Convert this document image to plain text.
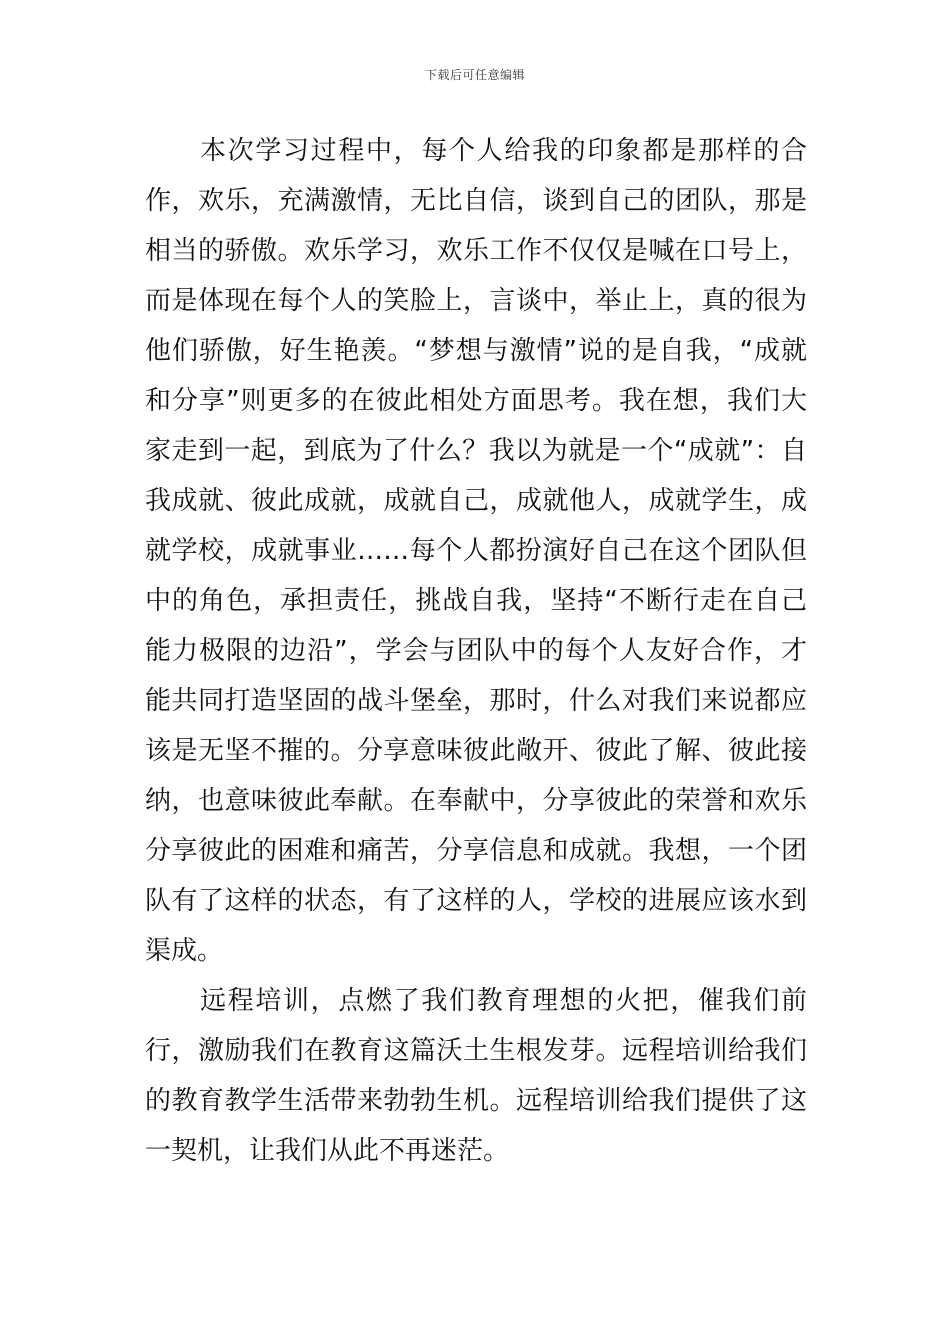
下载后可任意编辑

本次学习过程中，每个人给我的印象都是那样的合作，欢乐，充满激情，无比自信，谈到自己的团队，那是相当的骄傲。欢乐学习，欢乐工作不仅仅是喊在口号上，而是体现在每个人的笑脸上，言谈中，举止上，真的很为他们骄傲，好生艳羡。“梦想与激情”说的是自我，“成就和分享”则更多的在彼此相处方面思考。我在想，我们大家走到一起，到底为了什么？我以为就是一个“成就”：自我成就、彼此成就，成就自己，成就他人，成就学生，成就学校，成就事业……每个人都扮演好自己在这个团队但中的角色，承担责任，挑战自我，坚持“不断行走在自己能力极限的边沿”，学会与团队中的每个人友好合作，才能共同打造坚固的战斗堡垒，那时，什么对我们来说都应该是无坚不摧的。分享意味彼此敞开、彼此了解、彼此接纳，也意味彼此奉献。在奉献中，分享彼此的荣誉和欢乐分享彼此的困难和痛苦，分享信息和成就。我想，一个团队有了这样的状态，有了这样的人，学校的进展应该水到渠成。

远程培训，点燃了我们教育理想的火把，催我们前行，激励我们在教育这篇沃土生根发芽。远程培训给我们的教育教学生活带来勃勃生机。远程培训给我们提供了这一契机，让我们从此不再迷茫。
